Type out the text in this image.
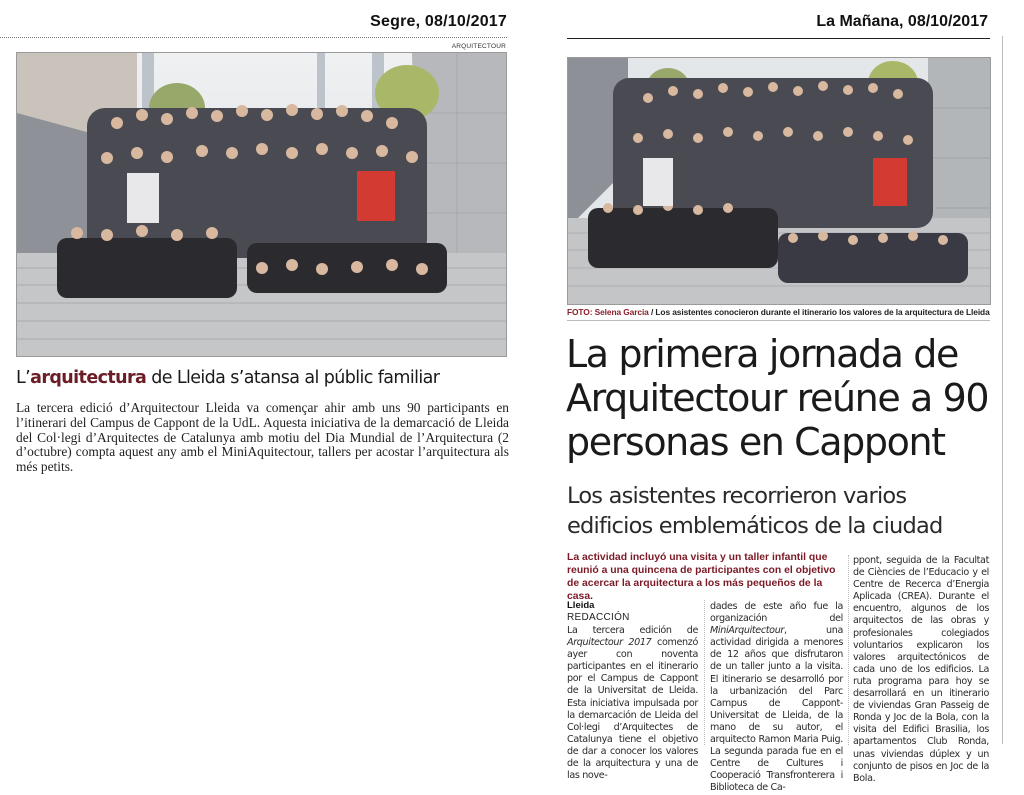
Segre, 08/10/2017
ARQUITECTOUR
L’arquitectura de Lleida s’atansa al públic familiar
La tercera edició d’Arquitectour Lleida va començar ahir amb uns 90 participants en l’itinerari del Campus de Cappont de la UdL. Aquesta iniciativa de la demarcació de Lleida del Col·legi d’Arquitectes de Catalunya amb motiu del Dia Mundial de l’Arquitectura (2 d’octubre) compta aquest any amb el MiniAquitectour, tallers per acostar l’arquitectura als més petits.
La Mañana, 08/10/2017
FOTO: Selena Garcia / Los asistentes conocieron durante el itinerario los valores de la arquitectura de Lleida
La primera jornada de Arquitectour reúne a 90 personas en Cappont
Los asistentes recorrieron varios edificios emblemáticos de la ciudad
La actividad incluyó una visita y un taller infantil que reunió a una quincena de participantes con el objetivo de acercar la arquitectura a los más pequeños de la casa.
Lleida
REDACCIÓN
La tercera edición de Arquitectour 2017 comenzó ayer con noventa participantes en el itinerario por el Campus de Cappont de la Universitat de Lleida. Esta iniciativa impulsada por la demarcación de Lleida del Col·legi d’Arquitectes de Catalunya tiene el objetivo de dar a conocer los valores de la arquitectura y una de las nove-
dades de este año fue la organización del MiniArquitectour, una actividad dirigida a menores de 12 años que disfrutaron de un taller junto a la visita. El itinerario se desarrolló por la urbanización del Parc Campus de Cappont-Universitat de Lleida, de la mano de su autor, el arquitecto Ramon Maria Puig. La segunda parada fue en el Centre de Cultures i Cooperació Transfronterera i Biblioteca de Ca-
ppont, seguida de la Facultat de Ciències de l’Educacio y el Centre de Recerca d’Energia Aplicada (CREA). Durante el encuentro, algunos de los arquitectos de las obras y profesionales colegiados voluntarios explicaron los valores arquitectónicos de cada uno de los edificios. La ruta programa para hoy se desarrollará en un itinerario de viviendas Gran Passeig de Ronda y Joc de la Bola, con la visita del Edifici Brasilia, los apartamentos Club Ronda, unas viviendas dúplex y un conjunto de pisos en Joc de la Bola.
